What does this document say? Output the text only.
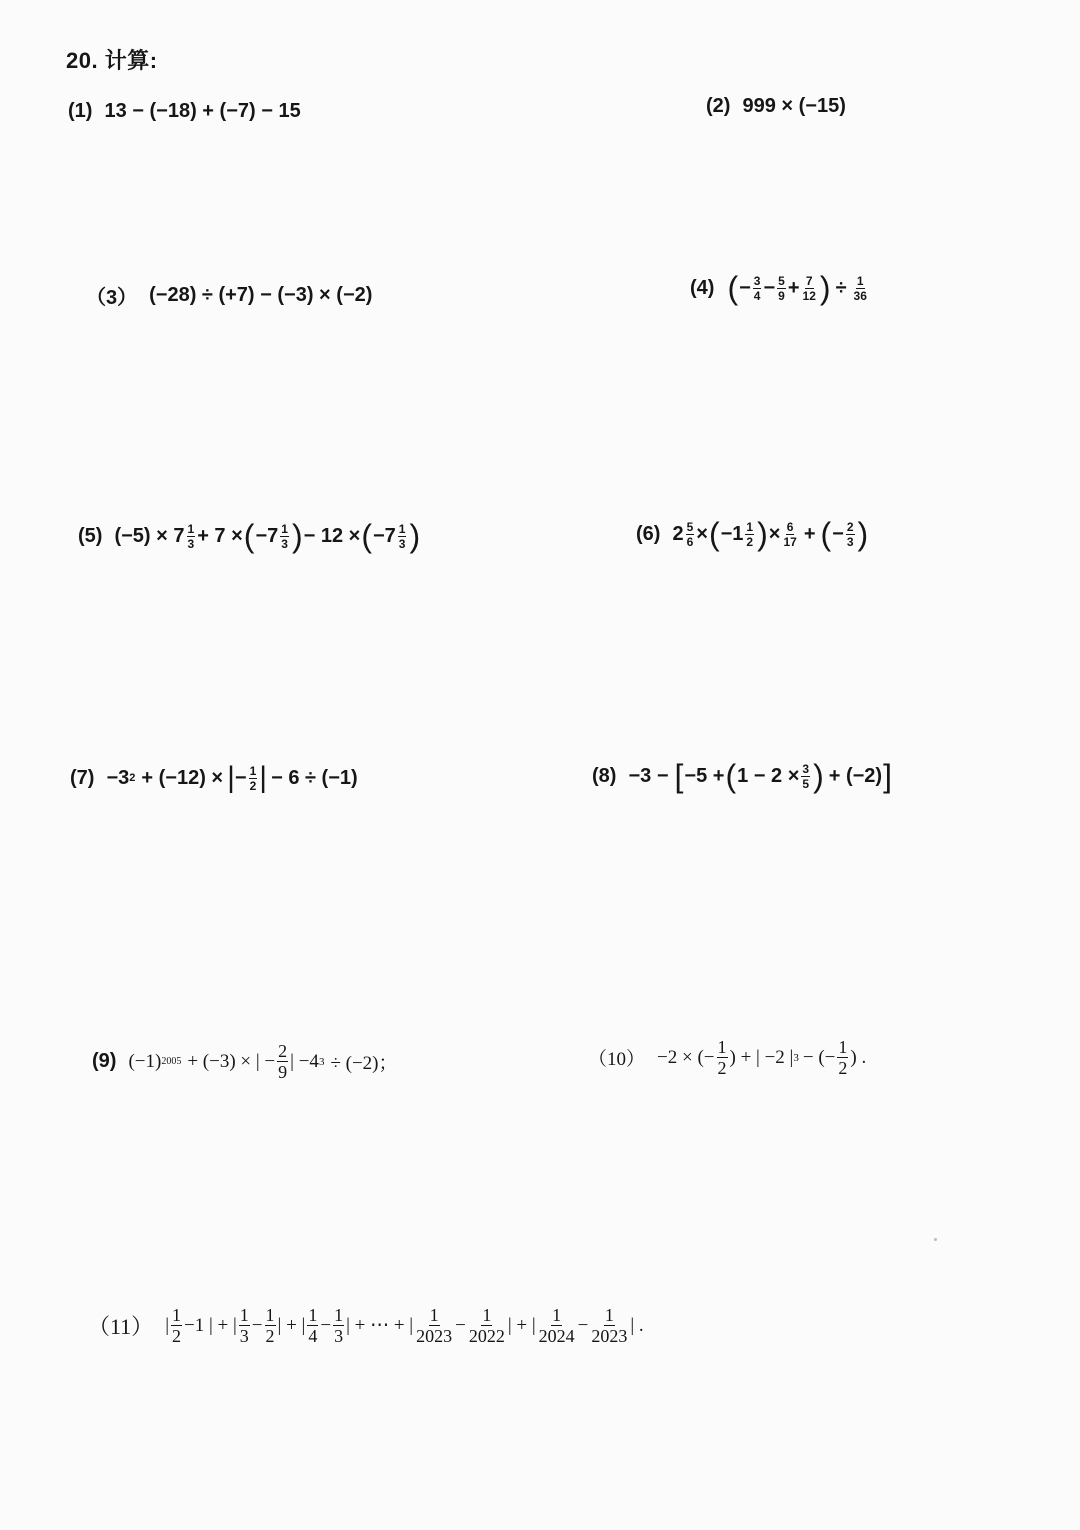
20. 计算:
(1) 13 − (−18) + (−7) − 15	(2) 999 × (−15)
（3） (−28) ÷ (+7) − (−3) × (−2)	(4) ( − $\frac{3}{4} - \frac{5}{9} + \frac{7}{12}$ ) ÷ $\frac{1}{36}$
(5) $(-5) \times 7 \frac{1}{3} + 7$ × ( $-7 \frac{1}{3}$ ) − 12 × ( $-7 \frac{1}{3}$ )	(6) $2 \frac{5}{6}$ × ( $-1 \frac{1}{2}$ ) × $\frac{6}{17}$ + ( − $\frac{2}{3}$ )
(7) −3 2 + (−12) × | − $\frac{1}{2}$ | − 6 ÷ (−1)	(8) −3 − [ −5 + ( $1 - 2 \times \frac{3}{5}$ ) + (−2) ]
(9) (−1) 2005 + (−3) × | − $\frac{2}{9}$ | −4 3 ÷ (−2)；	（10） −2 × (− $\frac{1}{2}$ ) + | −2 | 3 − (− $\frac{1}{2}$ ) .
（11） | $\frac{1}{2} -1$ | + | $\frac{1}{3} - \frac{1}{2}$ | + | $\frac{1}{4} - \frac{1}{3}$ | + ⋯ + | $\frac{1}{2023} - \frac{1}{2022}$ | + | $\frac{1}{2024} - \frac{1}{2023}$ | .
